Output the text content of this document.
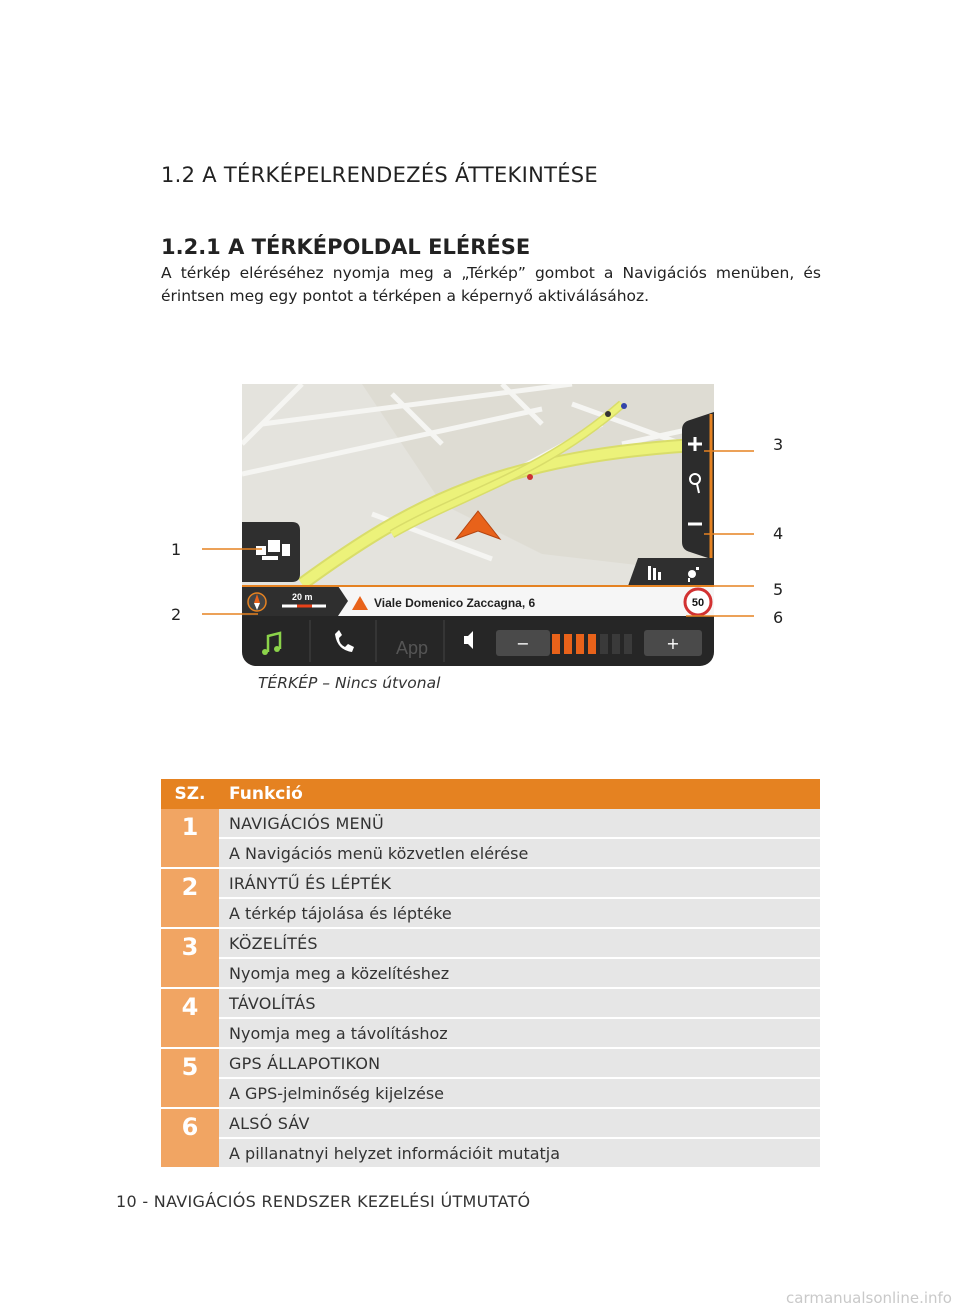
1.2 A TÉRKÉPELRENDEZÉS ÁTTEKINTÉSE
1.2.1 A TÉRKÉPOLDAL ELÉRÉSE
A térkép eléréséhez nyomja meg a „Térkép” gombot a Navigációs menüben, és érintsen meg egy pontot a térképen a képernyő aktiválásához.
20 m	Viale Domenico Zaccagna, 6	50
App	−	+
1
2
3
4
5
6
TÉRKÉP – Nincs útvonal
SZ.	Funkció
1	NAVIGÁCIÓS MENÜ
A Navigációs menü közvetlen elérése
2	IRÁNYTŰ ÉS LÉPTÉK
A térkép tájolása és léptéke
3	KÖZELÍTÉS
Nyomja meg a közelítéshez
4	TÁVOLÍTÁS
Nyomja meg a távolításhoz
5	GPS ÁLLAPOTIKON
A GPS-jelminőség kijelzése
6	ALSÓ SÁV
A pillanatnyi helyzet információit mutatja
10 - NAVIGÁCIÓS RENDSZER KEZELÉSI ÚTMUTATÓ
carmanualsonline.info
